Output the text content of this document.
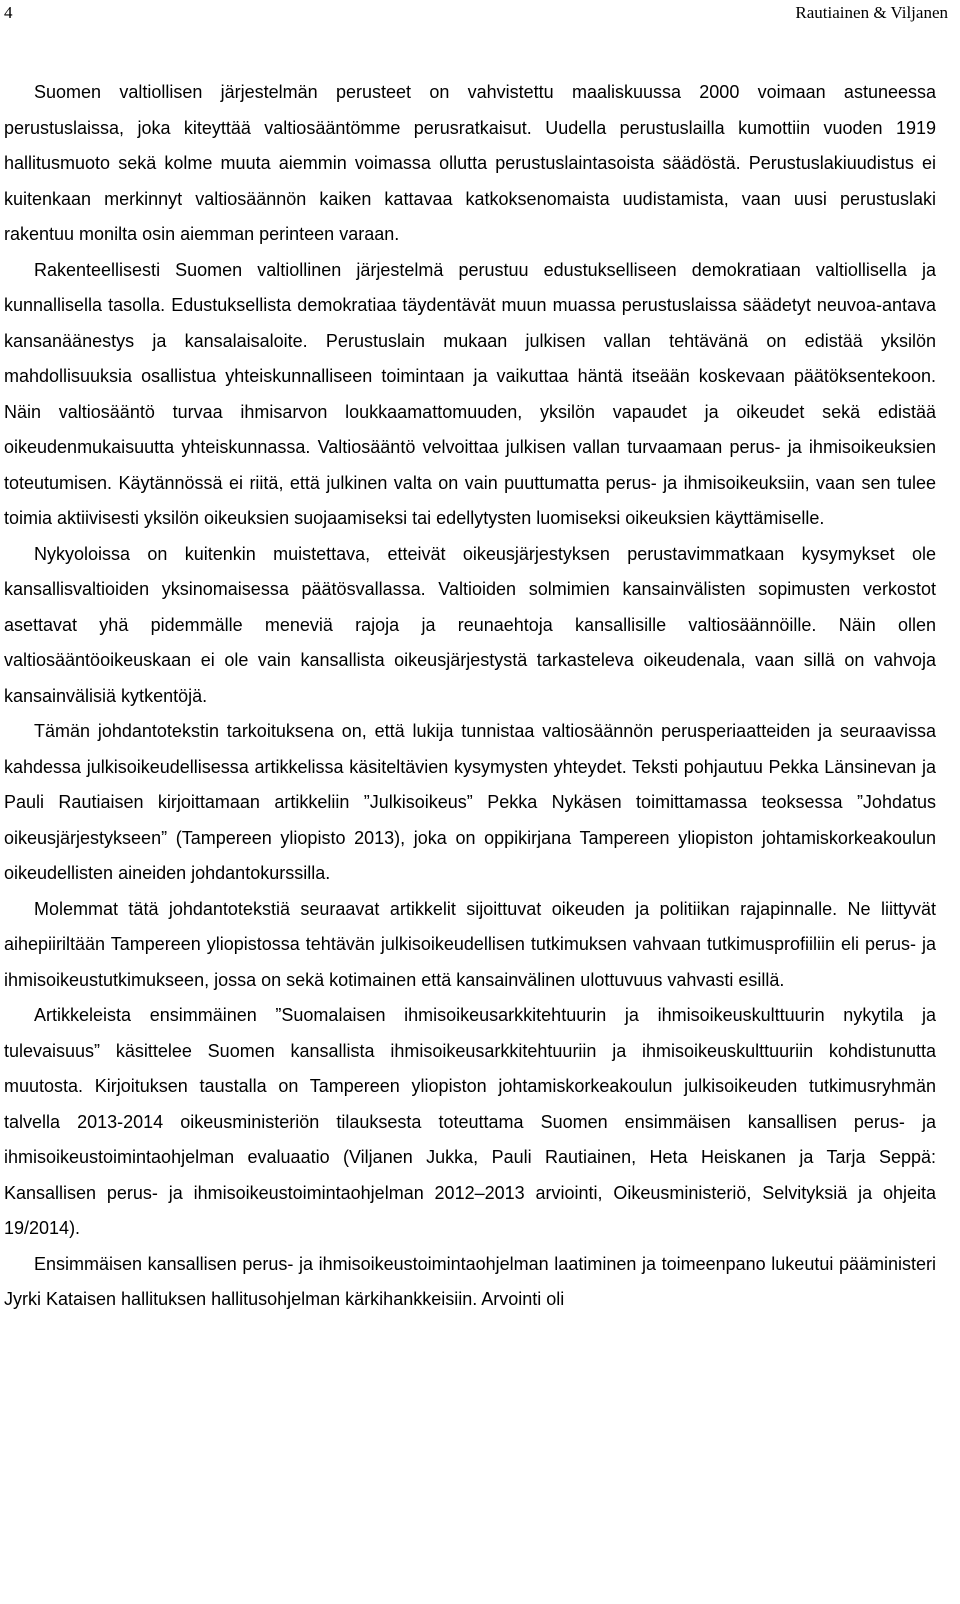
4	Rautiainen & Viljanen

Suomen valtiollisen järjestelmän perusteet on vahvistettu maaliskuussa 2000 voimaan astuneessa perustuslaissa, joka kiteyttää valtiosääntömme perusratkaisut. Uudella perustuslailla kumottiin vuoden 1919 hallitusmuoto sekä kolme muuta aiemmin voimassa ollutta perustuslaintasoista säädöstä. Perustuslakiuudistus ei kuitenkaan merkinnyt valtiosäännön kaiken kattavaa katkoksenomaista uudistamista, vaan uusi perustuslaki rakentuu monilta osin aiemman perinteen varaan.

Rakenteellisesti Suomen valtiollinen järjestelmä perustuu edustukselliseen demokratiaan valtiollisella ja kunnallisella tasolla. Edustuksellista demokratiaa täydentävät muun muassa perustuslaissa säädetyt neuvoa-antava kansanäänestys ja kansalaisaloite. Perustuslain mukaan julkisen vallan tehtävänä on edistää yksilön mahdollisuuksia osallistua yhteiskunnalliseen toimintaan ja vaikuttaa häntä itseään koskevaan päätöksentekoon. Näin valtiosääntö turvaa ihmisarvon loukkaamattomuuden, yksilön vapaudet ja oikeudet sekä edistää oikeudenmukaisuutta yhteiskunnassa. Valtiosääntö velvoittaa julkisen vallan turvaamaan perus- ja ihmisoikeuksien toteutumisen. Käytännössä ei riitä, että julkinen valta on vain puuttumatta perus- ja ihmisoikeuksiin, vaan sen tulee toimia aktiivisesti yksilön oikeuksien suojaamiseksi tai edellytysten luomiseksi oikeuksien käyttämiselle.

Nykyoloissa on kuitenkin muistettava, etteivät oikeusjärjestyksen perustavimmatkaan kysymykset ole kansallisvaltioiden yksinomaisessa päätösvallassa. Valtioiden solmimien kansainvälisten sopimusten verkostot asettavat yhä pidemmälle meneviä rajoja ja reunaehtoja kansallisille valtiosäännöille. Näin ollen valtiosääntöoikeuskaan ei ole vain kansallista oikeusjärjestystä tarkasteleva oikeudenala, vaan sillä on vahvoja kansainvälisiä kytkentöjä.

Tämän johdantotekstin tarkoituksena on, että lukija tunnistaa valtiosäännön perusperiaatteiden ja seuraavissa kahdessa julkisoikeudellisessa artikkelissa käsiteltävien kysymysten yhteydet. Teksti pohjautuu Pekka Länsinevan ja Pauli Rautiaisen kirjoittamaan artikkeliin ”Julkisoikeus” Pekka Nykäsen toimittamassa teoksessa ”Johdatus oikeusjärjestykseen” (Tampereen yliopisto 2013), joka on oppikirjana Tampereen yliopiston johtamiskorkeakoulun oikeudellisten aineiden johdantokurssilla.

Molemmat tätä johdantotekstiä seuraavat artikkelit sijoittuvat oikeuden ja politiikan rajapinnalle. Ne liittyvät aihepiiriltään Tampereen yliopistossa tehtävän julkisoikeudellisen tutkimuksen vahvaan tutkimusprofiiliin eli perus- ja ihmisoikeustutkimukseen, jossa on sekä kotimainen että kansainvälinen ulottuvuus vahvasti esillä.

Artikkeleista ensimmäinen ”Suomalaisen ihmisoikeusarkkitehtuurin ja ihmisoikeuskulttuurin nykytila ja tulevaisuus” käsittelee Suomen kansallista ihmisoikeusarkkitehtuuriin ja ihmisoikeuskulttuuriin kohdistunutta muutosta. Kirjoituksen taustalla on Tampereen yliopiston johtamiskorkeakoulun julkisoikeuden tutkimusryhmän talvella 2013-2014 oikeusministeriön tilauksesta toteuttama Suomen ensimmäisen kansallisen perus- ja ihmisoikeustoimintaohjelman evaluaatio (Viljanen Jukka, Pauli Rautiainen, Heta Heiskanen ja Tarja Seppä: Kansallisen perus- ja ihmisoikeustoimintaohjelman 2012–2013 arviointi, Oikeusministeriö, Selvityksiä ja ohjeita 19/2014).

Ensimmäisen kansallisen perus- ja ihmisoikeustoimintaohjelman laatiminen ja toimeenpano lukeutui pääministeri Jyrki Kataisen hallituksen hallitusohjelman kärkihankkeisiin. Arvointi oli
